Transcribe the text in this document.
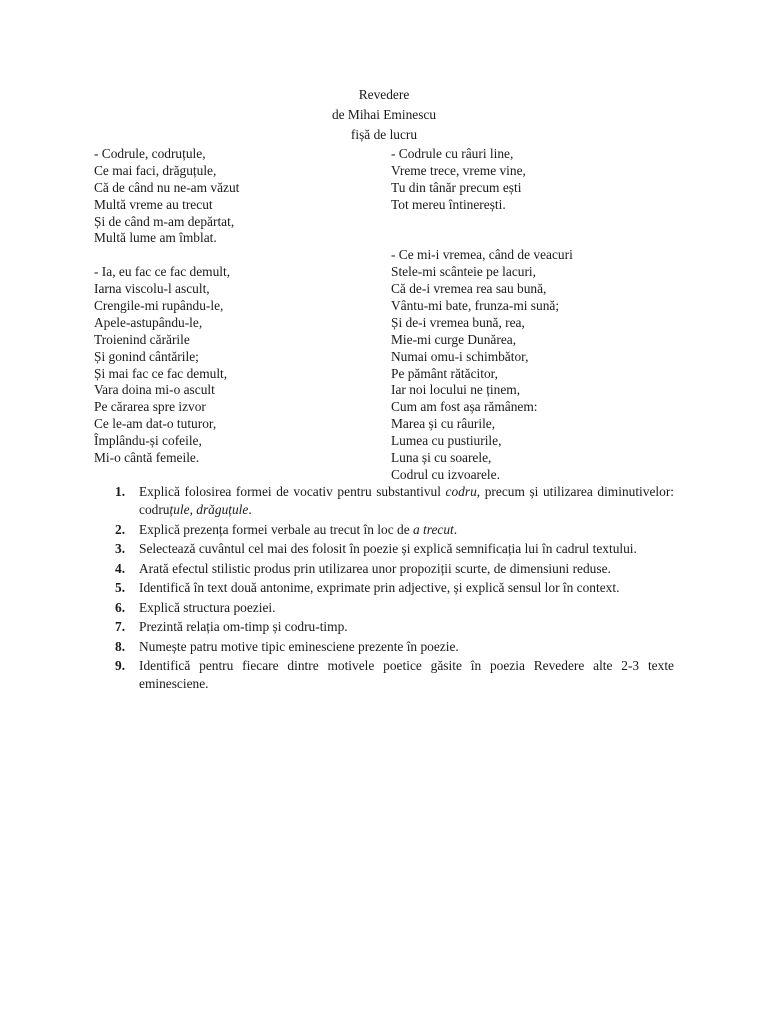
Revedere
de Mihai Eminescu
fișă de lucru
- Codrule, codruțule,
Ce mai faci, drăguțule,
Că de când nu ne-am văzut
Multă vreme au trecut
Și de când m-am depărtat,
Multă lume am îmblat.
- Ia, eu fac ce fac demult,
Iarna viscolu-l ascult,
Crengile-mi rupându-le,
Apele-astupându-le,
Troienind cărările
Și gonind cântările;
Și mai fac ce fac demult,
Vara doina mi-o ascult
Pe cărarea spre izvor
Ce le-am dat-o tuturor,
Împlându-și cofeile,
Mi-o cântă femeile.
- Codrule cu râuri line,
Vreme trece, vreme vine,
Tu din tânăr precum ești
Tot mereu întinerești.
- Ce mi-i vremea, când de veacuri
Stele-mi scânteie pe lacuri,
Că de-i vremea rea sau bună,
Vântu-mi bate, frunza-mi sună;
Și de-i vremea bună, rea,
Mie-mi curge Dunărea,
Numai omu-i schimbător,
Pe pământ rătăcitor,
Iar noi locului ne ținem,
Cum am fost așa rămânem:
Marea și cu râurile,
Lumea cu pustiurile,
Luna și cu soarele,
Codrul cu izvoarele.
1. Explică folosirea formei de vocativ pentru substantivul codru, precum și utilizarea diminutivelor: codruțule, drăguțule.
2. Explică prezența formei verbale au trecut în loc de a trecut.
3. Selectează cuvântul cel mai des folosit în poezie și explică semnificația lui în cadrul textului.
4. Arată efectul stilistic produs prin utilizarea unor propoziții scurte, de dimensiuni reduse.
5. Identifică în text două antonime, exprimate prin adjective, și explică sensul lor în context.
6. Explică structura poeziei.
7. Prezintă relația om-timp și codru-timp.
8. Numește patru motive tipic eminesciene prezente în poezie.
9. Identifică pentru fiecare dintre motivele poetice găsite în poezia Revedere alte 2-3 texte eminesciene.
